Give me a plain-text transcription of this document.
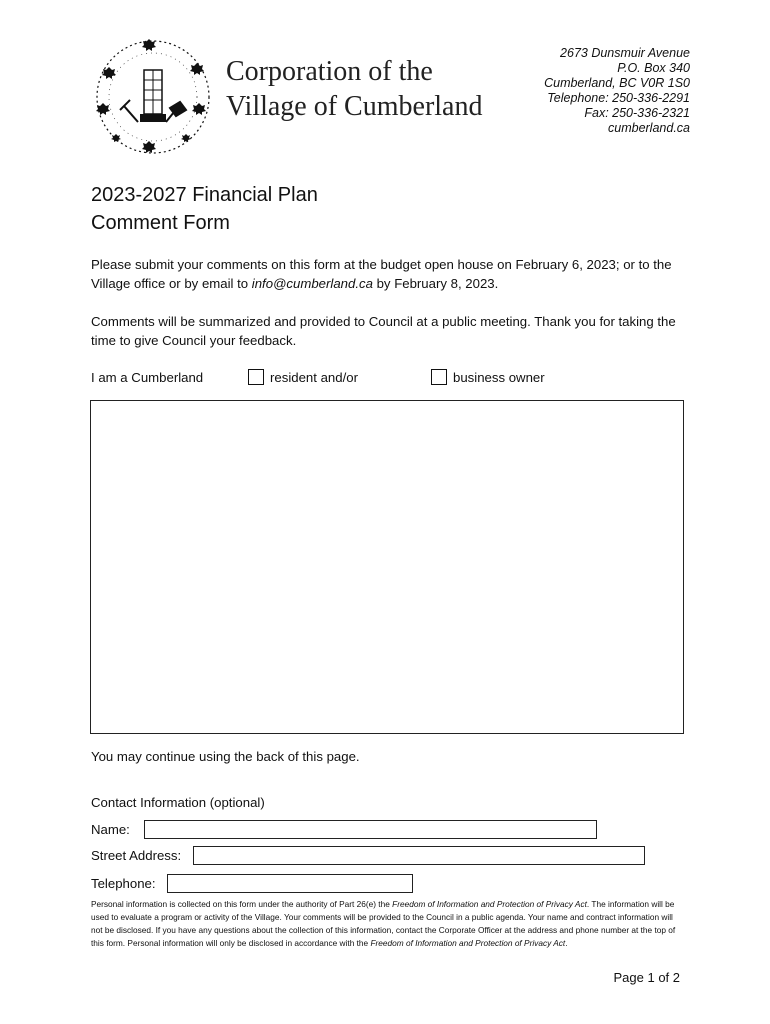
Corporation of the
Village of Cumberland
2673 Dunsmuir Avenue
P.O. Box 340
Cumberland, BC V0R 1S0
Telephone: 250-336-2291
Fax: 250-336-2321
cumberland.ca
2023-2027 Financial Plan
Comment Form
Please submit your comments on this form at the budget open house on February 6, 2023; or to the Village office or by email to info@cumberland.ca by February 8, 2023.
Comments will be summarized and provided to Council at a public meeting. Thank you for taking the time to give Council your feedback.
I am a Cumberland	resident and/or	business owner
You may continue using the back of this page.
Contact Information (optional)
Name:
Street Address:
Telephone:
Personal information is collected on this form under the authority of Part 26(e) the Freedom of Information and Protection of Privacy Act. The information will be used to evaluate a program or activity of the Village. Your comments will be provided to the Council in a public agenda. Your name and contract information will not be disclosed. If you have any questions about the collection of this information, contact the Corporate Officer at the address and phone number at the top of this form. Personal information will only be disclosed in accordance with the Freedom of Information and Protection of Privacy Act.
Page 1 of 2
